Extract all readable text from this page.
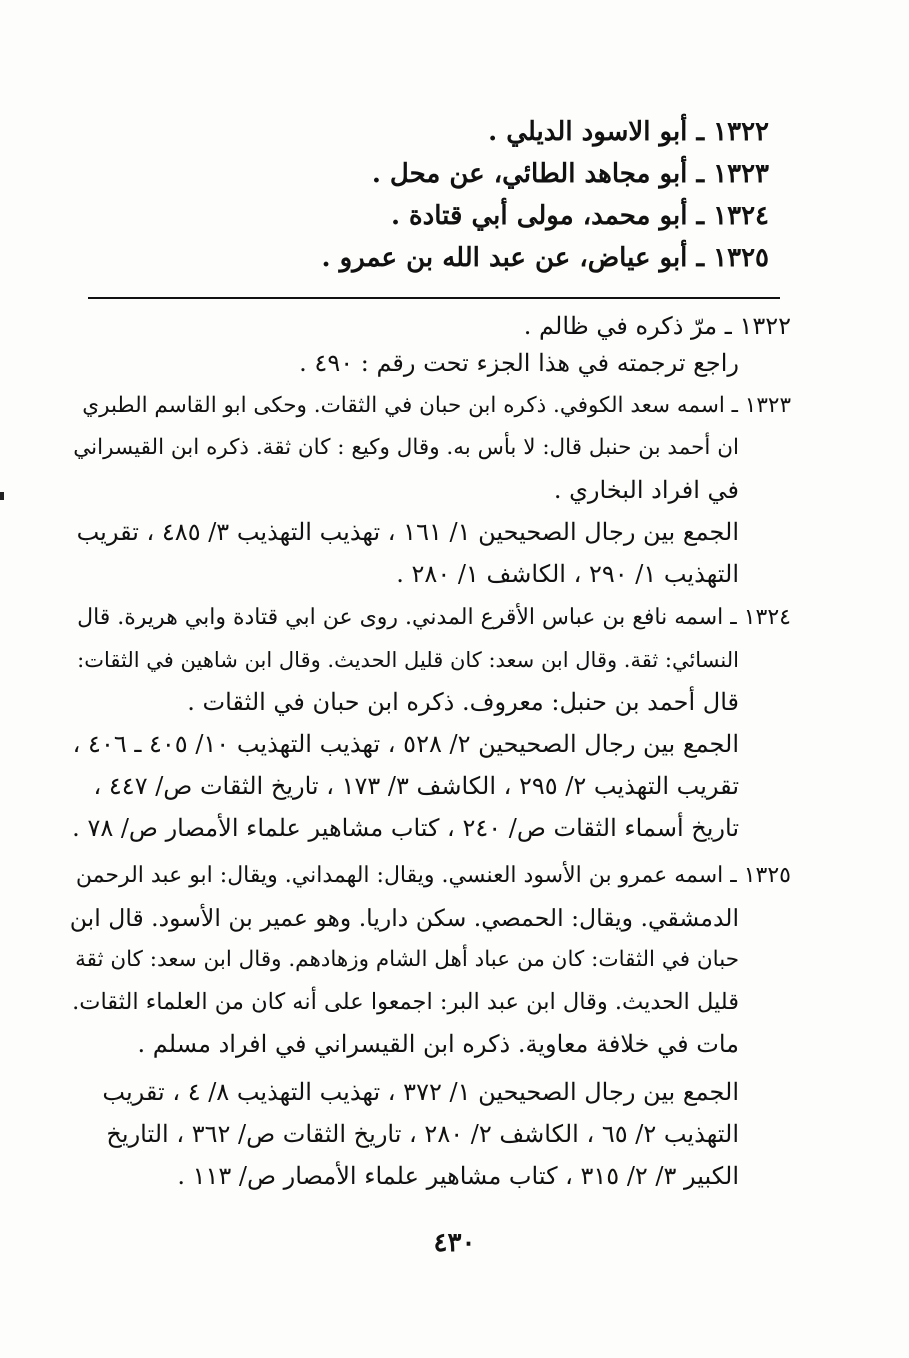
١٣٢٢ ـ أبو الاسود الديلي .
١٣٢٣ ـ أبو مجاهد الطائي، عن محل .
١٣٢٤ ـ أبو محمد، مولى أبي قتادة .
١٣٢٥ ـ أبو عياض، عن عبد الله بن عمرو .
١٣٢٢ ـ مرّ ذكره في ظالم .
راجع ترجمته في هذا الجزء تحت رقم : ٤٩٠ .
١٣٢٣ ـ اسمه سعد الكوفي. ذكره ابن حبان في الثقات. وحكى ابو القاسم الطبري
ان أحمد بن حنبل قال: لا بأس به. وقال وكيع : كان ثقة. ذكره ابن القيسراني
في افراد البخاري .
الجمع بين رجال الصحيحين ١/ ١٦١ ، تهذيب التهذيب ٣/ ٤٨٥ ، تقريب
التهذيب ١/ ٢٩٠ ، الكاشف ١/ ٢٨٠ .
١٣٢٤ ـ اسمه نافع بن عباس الأقرع المدني. روى عن ابي قتادة وابي هريرة. قال
النسائي: ثقة. وقال ابن سعد: كان قليل الحديث. وقال ابن شاهين في الثقات:
قال أحمد بن حنبل: معروف. ذكره ابن حبان في الثقات .
الجمع بين رجال الصحيحين ٢/ ٥٢٨ ، تهذيب التهذيب ١٠/ ٤٠٥ ـ ٤٠٦ ،
تقريب التهذيب ٢/ ٢٩٥ ، الكاشف ٣/ ١٧٣ ، تاريخ الثقات ص/ ٤٤٧ ،
تاريخ أسماء الثقات ص/ ٢٤٠ ، كتاب مشاهير علماء الأمصار ص/ ٧٨ .
١٣٢٥ ـ اسمه عمرو بن الأسود العنسي. ويقال: الهمداني. ويقال: ابو عبد الرحمن
الدمشقي. ويقال: الحمصي. سكن داريا. وهو عمير بن الأسود. قال ابن
حبان في الثقات: كان من عباد أهل الشام وزهادهم. وقال ابن سعد: كان ثقة
قليل الحديث. وقال ابن عبد البر: اجمعوا على أنه كان من العلماء الثقات.
مات في خلافة معاوية. ذكره ابن القيسراني في افراد مسلم .
الجمع بين رجال الصحيحين ١/ ٣٧٢ ، تهذيب التهذيب ٨/ ٤ ، تقريب
التهذيب ٢/ ٦٥ ، الكاشف ٢/ ٢٨٠ ، تاريخ الثقات ص/ ٣٦٢ ، التاريخ
الكبير ٣/ ٢/ ٣١٥ ، كتاب مشاهير علماء الأمصار ص/ ١١٣ .
٤٣٠
